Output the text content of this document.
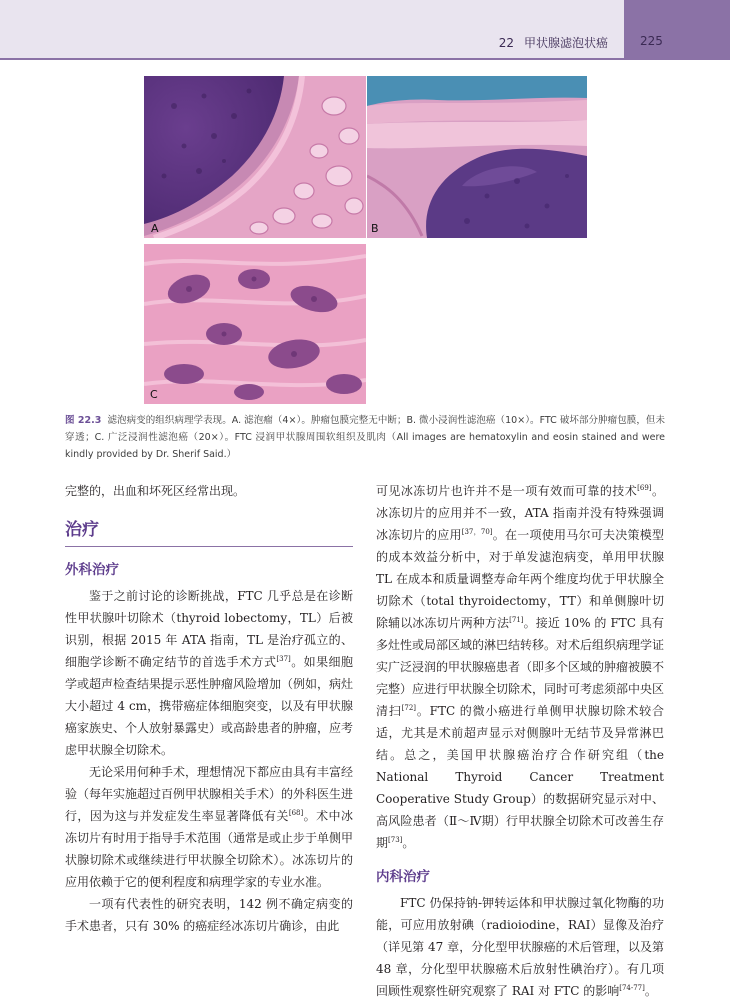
22 甲状腺滤泡状癌	225
A	B
C
图 22.3 滤泡病变的组织病理学表现。A. 滤泡瘤（4×）。肿瘤包膜完整无中断；B. 微小浸润性滤泡癌（10×）。FTC 破坏部分肿瘤包膜，但未穿透；C. 广泛浸润性滤泡癌（20×）。FTC 浸润甲状腺周围软组织及肌肉（All images are hematoxylin and eosin stained and were kindly provided by Dr. Sherif Said.）

完整的，出血和坏死区经常出现。

治疗
外科治疗

鉴于之前讨论的诊断挑战，FTC 几乎总是在诊断性甲状腺叶切除术（thyroid lobectomy，TL）后被识别，根据 2015 年 ATA 指南，TL 是治疗孤立的、细胞学诊断不确定结节的首选手术方式[37]。如果细胞学或超声检查结果提示恶性肿瘤风险增加（例如，病灶大小超过 4 cm，携带癌症体细胞突变，以及有甲状腺癌家族史、个人放射暴露史）或高龄患者的肿瘤，应考虑甲状腺全切除术。

无论采用何种手术，理想情况下都应由具有丰富经验（每年实施超过百例甲状腺相关手术）的外科医生进行，因为这与并发症发生率显著降低有关[68]。术中冰冻切片有时用于指导手术范围（通常是或止步于单侧甲状腺切除术或继续进行甲状腺全切除术）。冰冻切片的应用依赖于它的便利程度和病理学家的专业水准。

一项有代表性的研究表明，142 例不确定病变的手术患者，只有 30% 的癌症经冰冻切片确诊，由此

可见冰冻切片也许并不是一项有效而可靠的技术[69]。冰冻切片的应用并不一致，ATA 指南并没有特殊强调冰冻切片的应用[37，70]。在一项使用马尔可夫决策模型的成本效益分析中，对于单发滤泡病变，单用甲状腺 TL 在成本和质量调整寿命年两个维度均优于甲状腺全切除术（total thyroidectomy，TT）和单侧腺叶切除辅以冰冻切片两种方法[71]。接近 10% 的 FTC 具有多灶性或局部区域的淋巴结转移。对术后组织病理学证实广泛浸润的甲状腺癌患者（即多个区域的肿瘤被膜不完整）应进行甲状腺全切除术，同时可考虑须部中央区清扫[72]。FTC 的微小癌进行单侧甲状腺切除术较合适，尤其是术前超声显示对侧腺叶无结节及异常淋巴结。总之，美国甲状腺癌治疗合作研究组（the National Thyroid Cancer Treatment Cooperative Study Group）的数据研究显示对中、高风险患者（Ⅱ～Ⅳ期）行甲状腺全切除术可改善生存期[73]。

内科治疗

FTC 仍保持钠-钾转运体和甲状腺过氧化物酶的功能，可应用放射碘（radioiodine，RAI）显像及治疗（详见第 47 章，分化型甲状腺癌的术后管理，以及第 48 章，分化型甲状腺癌术后放射性碘治疗）。有几项回顾性观察性研究观察了 RAI 对 FTC 的影响[74-77]。
